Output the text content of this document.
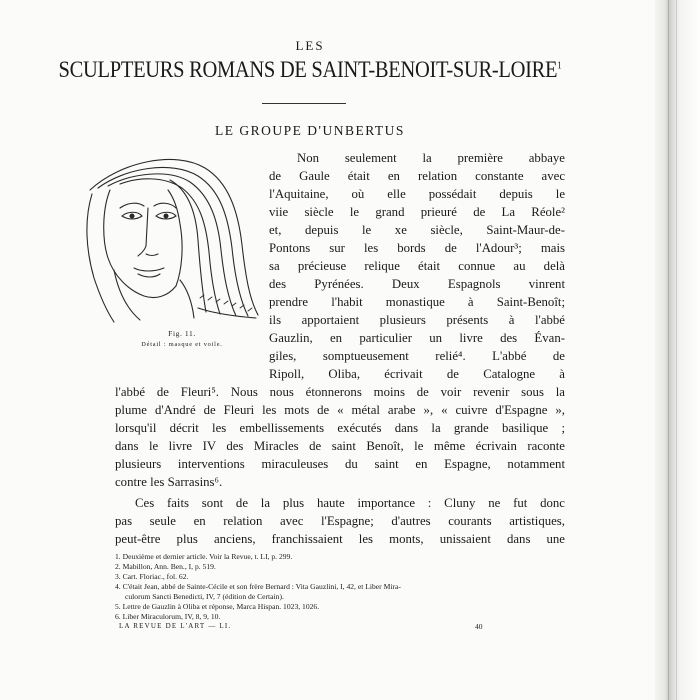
LES
SCULPTEURS ROMANS DE SAINT-BENOIT-SUR-LOIRE$^1$
LE GROUPE D'UNBERTUS
Fig. 11.
Détail : masque et voile.
Non seulement la première abbaye
de Gaule était en relation constante avec
l'Aquitaine, où elle possédait depuis le
viie siècle le grand prieuré de La Réole²
et, depuis le xe siècle, Saint-Maur-de-
Pontons sur les bords de l'Adour³; mais
sa précieuse relique était connue au delà
des Pyrénées. Deux Espagnols vinrent
prendre l'habit monastique à Saint-Benoît;
ils apportaient plusieurs présents à l'abbé
Gauzlin, en particulier un livre des Évan-
giles, somptueusement relié⁴. L'abbé de
Ripoll, Oliba, écrivait de Catalogne à
l'abbé de Fleuri⁵. Nous nous étonnerons moins de voir revenir sous la
plume d'André de Fleuri les mots de « métal arabe », « cuivre d'Espagne »,
lorsqu'il décrit les embellissements exécutés dans la grande basilique ;
dans le livre IV des Miracles de saint Benoît, le même écrivain raconte
plusieurs interventions miraculeuses du saint en Espagne, notamment
contre les Sarrasins⁶.
Ces faits sont de la plus haute importance : Cluny ne fut donc
pas seule en relation avec l'Espagne; d'autres courants artistiques,
peut-être plus anciens, franchissaient les monts, unissaient dans une
1. Deuxième et dernier article. Voir la Revue, t. LI, p. 299.
2. Mabillon, Ann. Ben., I, p. 519.
3. Cart. Floriac., fol. 62.
4. C'était Jean, abbé de Sainte-Cécile et son frère Bernard : Vita Gauzlini, I, 42, et Liber Mira-
culorum Sancti Benedicti, IV, 7 (édition de Certain).
5. Lettre de Gauzlin à Oliba et réponse, Marca Hispan. 1023, 1026.
6. Liber Miraculorum, IV, 8, 9, 10.
LA REVUE DE L'ART — LI.	40
